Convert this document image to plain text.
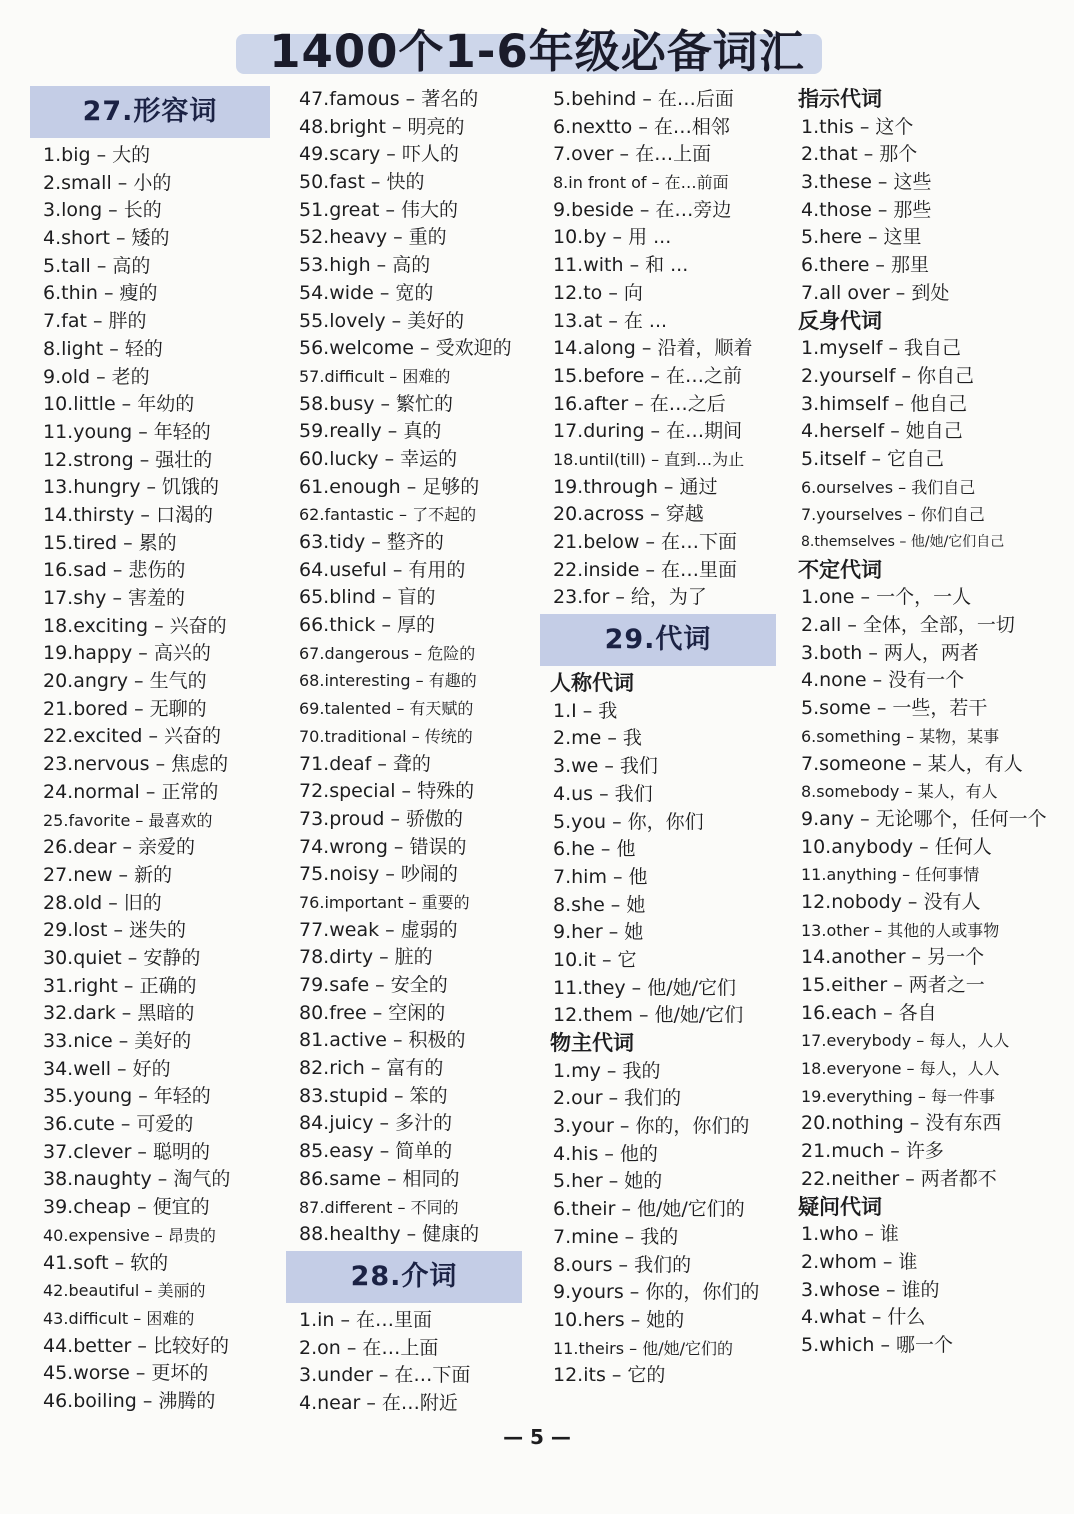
1400个1-6年级必备词汇
27.形容词
1.big – 大的
2.small – 小的
3.long – 长的
4.short – 矮的
5.tall – 高的
6.thin – 瘦的
7.fat – 胖的
8.light – 轻的
9.old – 老的
10.little – 年幼的
11.young – 年轻的
12.strong – 强壮的
13.hungry – 饥饿的
14.thirsty – 口渴的
15.tired – 累的
16.sad – 悲伤的
17.shy – 害羞的
18.exciting – 兴奋的
19.happy – 高兴的
20.angry – 生气的
21.bored – 无聊的
22.excited – 兴奋的
23.nervous – 焦虑的
24.normal – 正常的
25.favorite – 最喜欢的
26.dear – 亲爱的
27.new – 新的
28.old – 旧的
29.lost – 迷失的
30.quiet – 安静的
31.right – 正确的
32.dark – 黑暗的
33.nice – 美好的
34.well – 好的
35.young – 年轻的
36.cute – 可爱的
37.clever – 聪明的
38.naughty – 淘气的
39.cheap – 便宜的
40.expensive – 昂贵的
41.soft – 软的
42.beautiful – 美丽的
43.difficult – 困难的
44.better – 比较好的
45.worse – 更坏的
46.boiling – 沸腾的
47.famous – 著名的
48.bright – 明亮的
49.scary – 吓人的
50.fast – 快的
51.great – 伟大的
52.heavy – 重的
53.high – 高的
54.wide – 宽的
55.lovely – 美好的
56.welcome – 受欢迎的
57.difficult – 困难的
58.busy – 繁忙的
59.really – 真的
60.lucky – 幸运的
61.enough – 足够的
62.fantastic – 了不起的
63.tidy – 整齐的
64.useful – 有用的
65.blind – 盲的
66.thick – 厚的
67.dangerous – 危险的
68.interesting – 有趣的
69.talented – 有天赋的
70.traditional – 传统的
71.deaf – 聋的
72.special – 特殊的
73.proud – 骄傲的
74.wrong – 错误的
75.noisy – 吵闹的
76.important – 重要的
77.weak – 虚弱的
78.dirty – 脏的
79.safe – 安全的
80.free – 空闲的
81.active – 积极的
82.rich – 富有的
83.stupid – 笨的
84.juicy – 多汁的
85.easy – 简单的
86.same – 相同的
87.different – 不同的
88.healthy – 健康的
28.介词
1.in – 在…里面
2.on – 在…上面
3.under – 在…下面
4.near – 在…附近
5.behind – 在…后面
6.nextto – 在…相邻
7.over – 在…上面
8.in front of – 在…前面
9.beside – 在…旁边
10.by – 用 ...
11.with – 和 ...
12.to – 向
13.at – 在 ...
14.along – 沿着，顺着
15.before – 在…之前
16.after – 在…之后
17.during – 在…期间
18.until(till) – 直到…为止
19.through – 通过
20.across – 穿越
21.below – 在…下面
22.inside – 在…里面
23.for – 给，为了
29.代词
人称代词
1.I – 我
2.me – 我
3.we – 我们
4.us – 我们
5.you – 你，你们
6.he – 他
7.him – 他
8.she – 她
9.her – 她
10.it – 它
11.they – 他/她/它们
12.them – 他/她/它们
物主代词
1.my – 我的
2.our – 我们的
3.your – 你的，你们的
4.his – 他的
5.her – 她的
6.their – 他/她/它们的
7.mine – 我的
8.ours – 我们的
9.yours – 你的，你们的
10.hers – 她的
11.theirs – 他/她/它们的
12.its – 它的
指示代词
1.this – 这个
2.that – 那个
3.these – 这些
4.those – 那些
5.here – 这里
6.there – 那里
7.all over – 到处
反身代词
1.myself – 我自己
2.yourself – 你自己
3.himself – 他自己
4.herself – 她自己
5.itself – 它自己
6.ourselves – 我们自己
7.yourselves – 你们自己
8.themselves – 他/她/它们自己
不定代词
1.one – 一个，一人
2.all – 全体，全部，一切
3.both – 两人，两者
4.none – 没有一个
5.some – 一些，若干
6.something – 某物，某事
7.someone – 某人，有人
8.somebody – 某人，有人
9.any – 无论哪个，任何一个
10.anybody – 任何人
11.anything – 任何事情
12.nobody – 没有人
13.other – 其他的人或事物
14.another – 另一个
15.either – 两者之一
16.each – 各自
17.everybody – 每人，人人
18.everyone – 每人，人人
19.everything – 每一件事
20.nothing – 没有东西
21.much – 许多
22.neither – 两者都不
疑问代词
1.who – 谁
2.whom – 谁
3.whose – 谁的
4.what – 什么
5.which – 哪一个
— 5 —
